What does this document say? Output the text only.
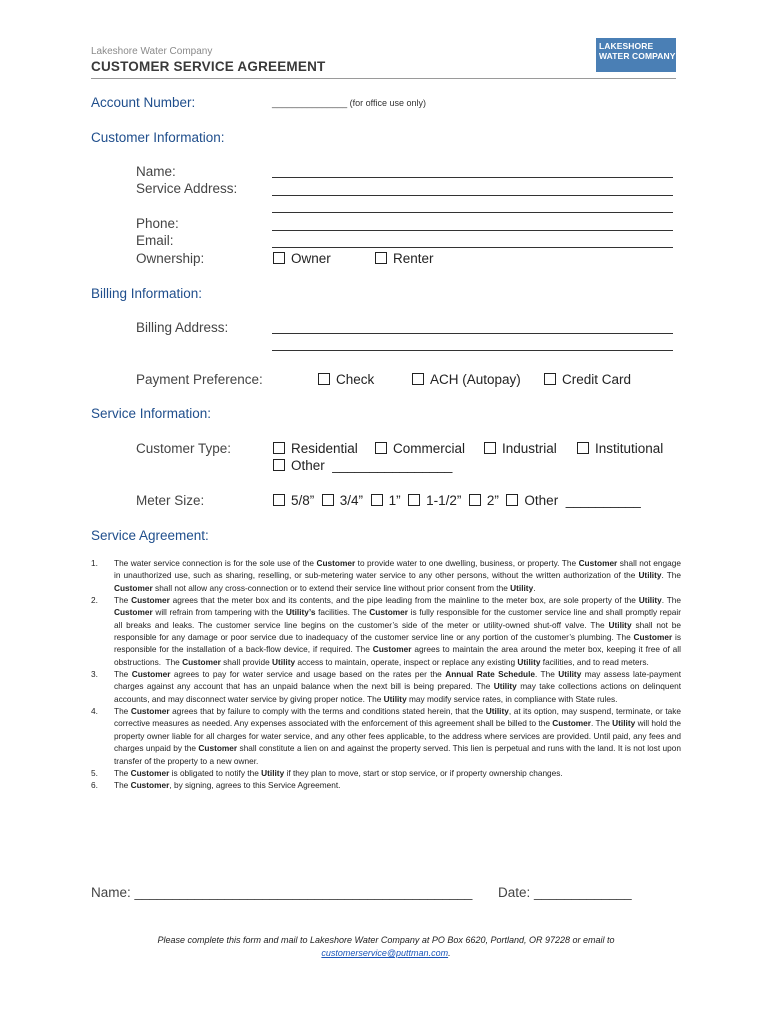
Lakeshore Water Company
CUSTOMER SERVICE AGREEMENT
LAKESHORE
WATER COMPANY
Account Number:	_______________ (for office use only)
Customer Information:
Name:
Service Address:
Phone:
Email:
Ownership:	Owner	Renter
Billing Information:
Billing Address:
Payment Preference:	Check	ACH (Autopay)	Credit Card
Service Information:
Customer Type:	Residential	Commercial	Industrial	Institutional
Other ________________
Meter Size:	5/8” 3/4” 1” 1-1/2” 2” Other __________
Service Agreement:
1. The water service connection is for the sole use of the Customer to provide water to one dwelling, business, or property. The Customer shall not engage in unauthorized use, such as sharing, reselling, or sub-metering water service to any other persons, without the written authorization of the Utility. The Customer shall not allow any cross-connection or to extend their service line without prior consent from the Utility.
2. The Customer agrees that the meter box and its contents, and the pipe leading from the mainline to the meter box, are sole property of the Utility. The Customer will refrain from tampering with the Utility’s facilities. The Customer is fully responsible for the customer service line and shall promptly repair all breaks and leaks. The customer service line begins on the customer’s side of the meter or utility-owned shut-off valve. The Utility shall not be responsible for any damage or poor service due to inadequacy of the customer service line or any portion of the customer’s plumbing. The Customer is responsible for the installation of a back-flow device, if required. The Customer agrees to maintain the area around the meter box, keeping it free of all obstructions.  The Customer shall provide Utility access to maintain, operate, inspect or replace any existing Utility facilities, and to read meters.
3. The Customer agrees to pay for water service and usage based on the rates per the Annual Rate Schedule. The Utility may assess late-payment charges against any account that has an unpaid balance when the next bill is being prepared. The Utility may take collections actions on delinquent accounts, and may disconnect water service by giving proper notice. The Utility may modify service rates, in compliance with State rules.
4. The Customer agrees that by failure to comply with the terms and conditions stated herein, that the Utility, at its option, may suspend, terminate, or take corrective measures as needed. Any expenses associated with the enforcement of this agreement shall be billed to the Customer. The Utility will hold the property owner liable for all charges for water service, and any other fees applicable, to the address where services are provided. Until paid, any fees and charges unpaid by the Customer shall constitute a lien on and against the property served. This lien is perpetual and runs with the land. It is not lost upon transfer of the property to a new owner.
5. The Customer is obligated to notify the Utility if they plan to move, start or stop service, or if property ownership changes.
6. The Customer, by signing, agrees to this Service Agreement.
Name: _____________________________________________ Date: _____________
Please complete this form and mail to Lakeshore Water Company at PO Box 6620, Portland, OR 97228 or email to
customerservice@puttman.com.
